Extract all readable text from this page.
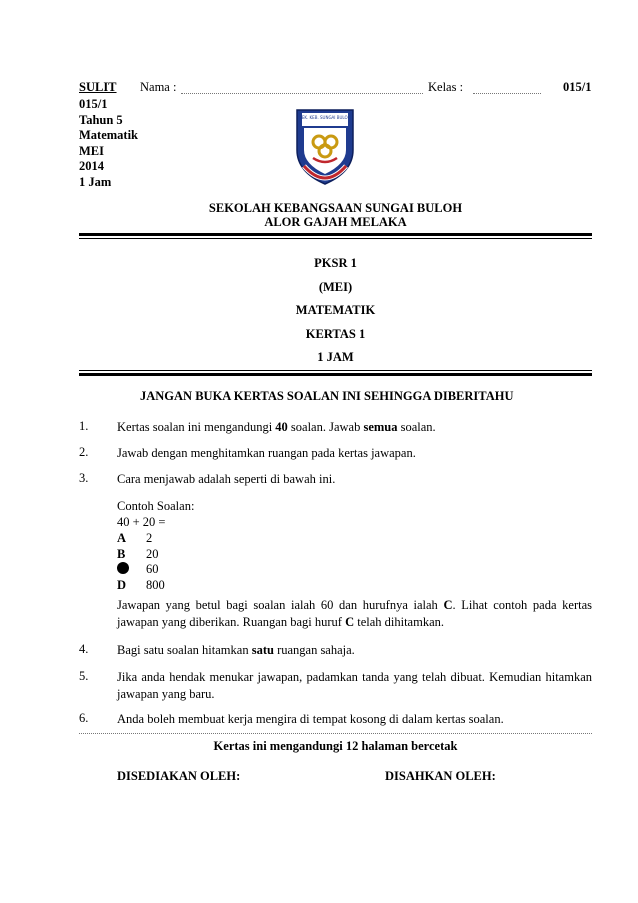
SULIT Nama :	Kelas :	015/1
015/1
Tahun 5
Matematik
MEI
2014
1 Jam
SEK. KEB. SUNGAI BULOH
SEKOLAH KEBANGSAAN SUNGAI BULOH
ALOR GAJAH MELAKA
PKSR 1
(MEI)
MATEMATIK
KERTAS 1
1 JAM
JANGAN BUKA KERTAS SOALAN INI SEHINGGA DIBERITAHU
1. Kertas soalan ini mengandungi 40 soalan. Jawab semua soalan.
2. Jawab dengan menghitamkan ruangan pada kertas jawapan.
3. Cara menjawab adalah seperti di bawah ini.
Contoh Soalan:
40 + 20 =
A 2
B 20
60
D 800
Jawapan yang betul bagi soalan ialah 60 dan hurufnya ialah C. Lihat contoh pada kertas jawapan yang diberikan. Ruangan bagi huruf C telah dihitamkan.
4. Bagi satu soalan hitamkan satu ruangan sahaja.
5. Jika anda hendak menukar jawapan, padamkan tanda yang telah dibuat. Kemudian hitamkan jawapan yang baru.
6. Anda boleh membuat kerja mengira di tempat kosong di dalam kertas soalan.
Kertas ini mengandungi 12 halaman bercetak
DISEDIAKAN OLEH:	DISAHKAN OLEH:
